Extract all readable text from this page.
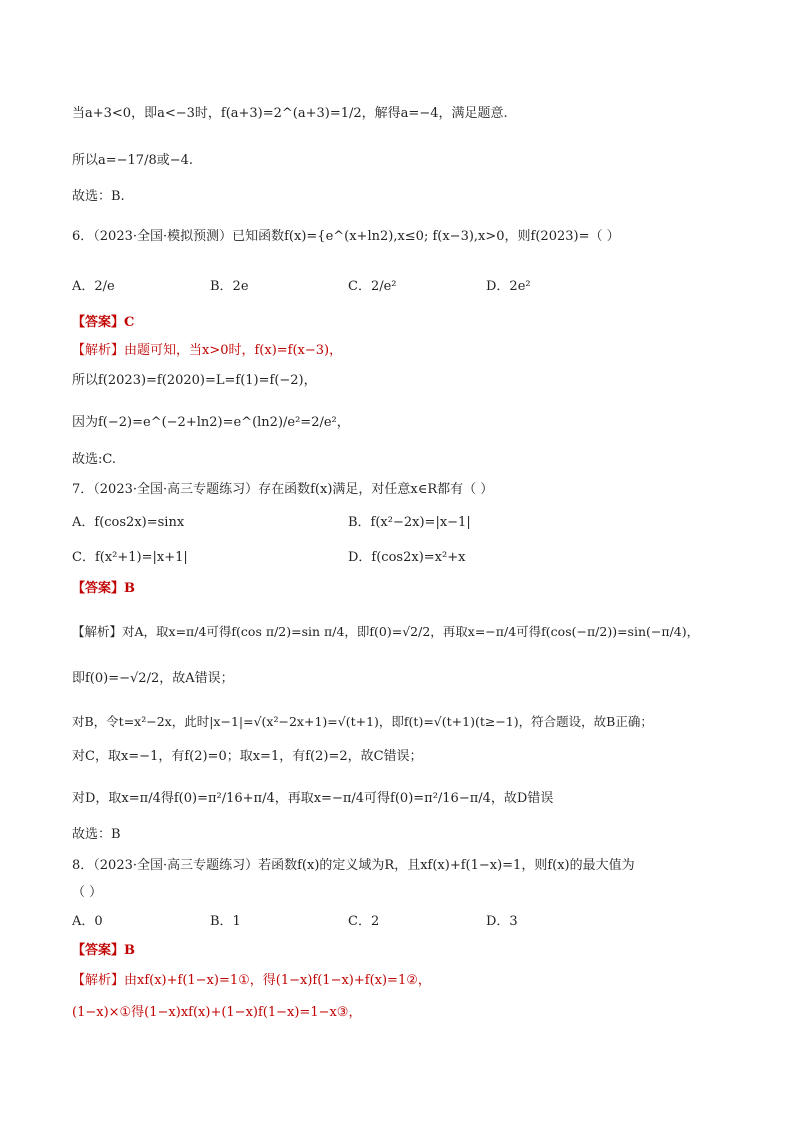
当a+3<0，即a<−3时，f(a+3)=2^(a+3)=1/2，解得a=−4，满足题意.
所以a=−17/8或−4.
故选：B.
6．（2023·全国·模拟预测）已知函数f(x)={e^(x+ln2),x≤0; f(x−3),x>0，则f(2023)=（ ）
A．2/e	B．2e	C．2/e²	D．2e²
【答案】C
【解析】由题可知，当x>0时，f(x)=f(x−3)，
所以f(2023)=f(2020)=L=f(1)=f(−2)，
因为f(−2)=e^(−2+ln2)=e^(ln2)/e²=2/e²，
故选:C.
7．（2023·全国·高三专题练习）存在函数f(x)满足，对任意x∈R都有（ ）
A．f(cos2x)=sinx	B．f(x²−2x)=|x−1|
C．f(x²+1)=|x+1|	D．f(cos2x)=x²+x
【答案】B
【解析】对A，取x=π/4可得f(cos π/2)=sin π/4，即f(0)=√2/2，再取x=−π/4可得f(cos(−π/2))=sin(−π/4)，
即f(0)=−√2/2，故A错误；
对B，令t=x²−2x，此时|x−1|=√(x²−2x+1)=√(t+1)，即f(t)=√(t+1)(t≥−1)，符合题设，故B正确；
对C，取x=−1，有f(2)=0；取x=1，有f(2)=2，故C错误；
对D，取x=π/4得f(0)=π²/16+π/4，再取x=−π/4可得f(0)=π²/16−π/4，故D错误
故选：B
8．（2023·全国·高三专题练习）若函数f(x)的定义域为R，且xf(x)+f(1−x)=1，则f(x)的最大值为
（ ）
A．0	B．1	C．2	D．3
【答案】B
【解析】由xf(x)+f(1−x)=1①，得(1−x)f(1−x)+f(x)=1②，
(1−x)×①得(1−x)xf(x)+(1−x)f(1−x)=1−x③，
